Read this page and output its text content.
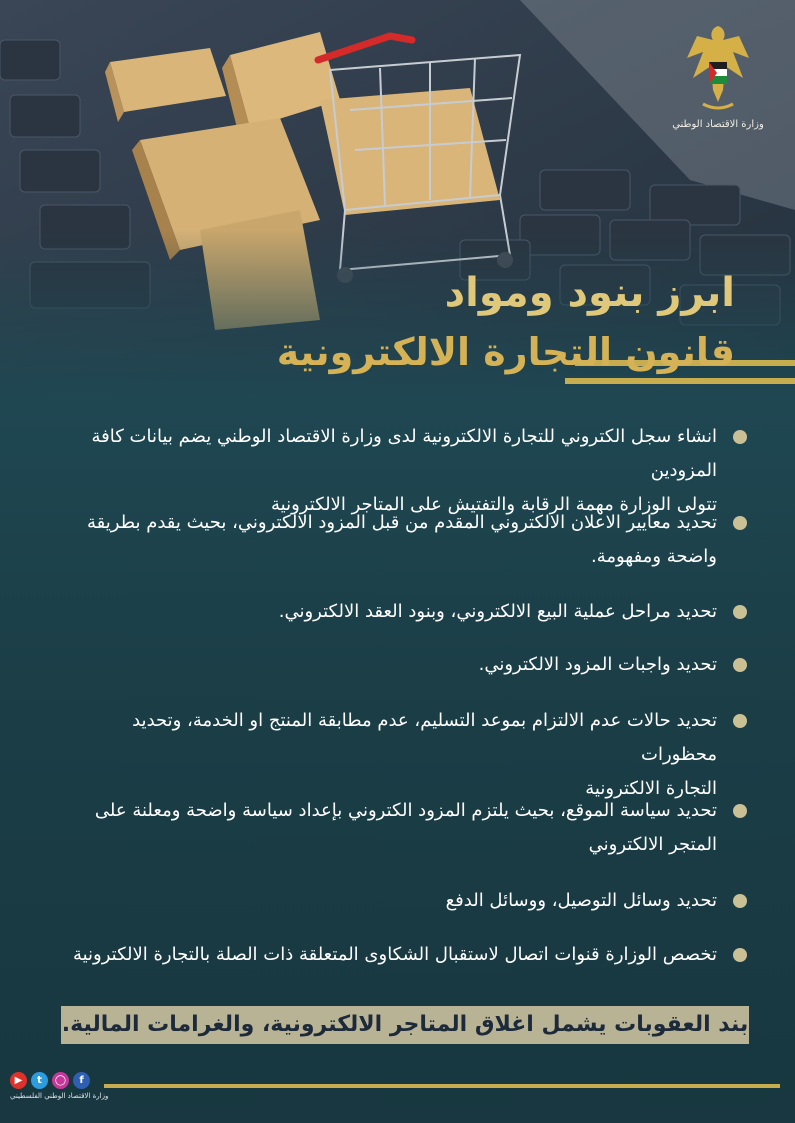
وزارة الاقتصاد الوطني
ابرز بنود ومواد
قانون التجارة الالكترونية
انشاء سجل الكتروني للتجارة الالكترونية لدى وزارة الاقتصاد الوطني يضم بيانات كافة المزودين
تتولى الوزارة مهمة الرقابة والتفتيش على المتاجر الالكترونية
تحديد معايير الاعلان الالكتروني المقدم من قبل المزود الالكتروني، بحيث يقدم بطريقة
واضحة ومفهومة.
تحديد مراحل عملية البيع الالكتروني، وبنود العقد الالكتروني.
تحديد واجبات المزود الالكتروني.
تحديد حالات عدم الالتزام بموعد التسليم، عدم مطابقة المنتج او الخدمة، وتحديد محظورات
التجارة الالكترونية
تحديد سياسة الموقع، بحيث يلتزم المزود الكتروني بإعداد سياسة واضحة ومعلنة على
المتجر الالكتروني
تحديد وسائل التوصيل، ووسائل الدفع
تخصص الوزارة قنوات اتصال لاستقبال الشكاوى المتعلقة ذات الصلة بالتجارة الالكترونية
بند العقوبات يشمل اغلاق المتاجر الالكترونية، والغرامات المالية.
▶	t	◯	f
وزارة الاقتصاد الوطني الفلسطيني
